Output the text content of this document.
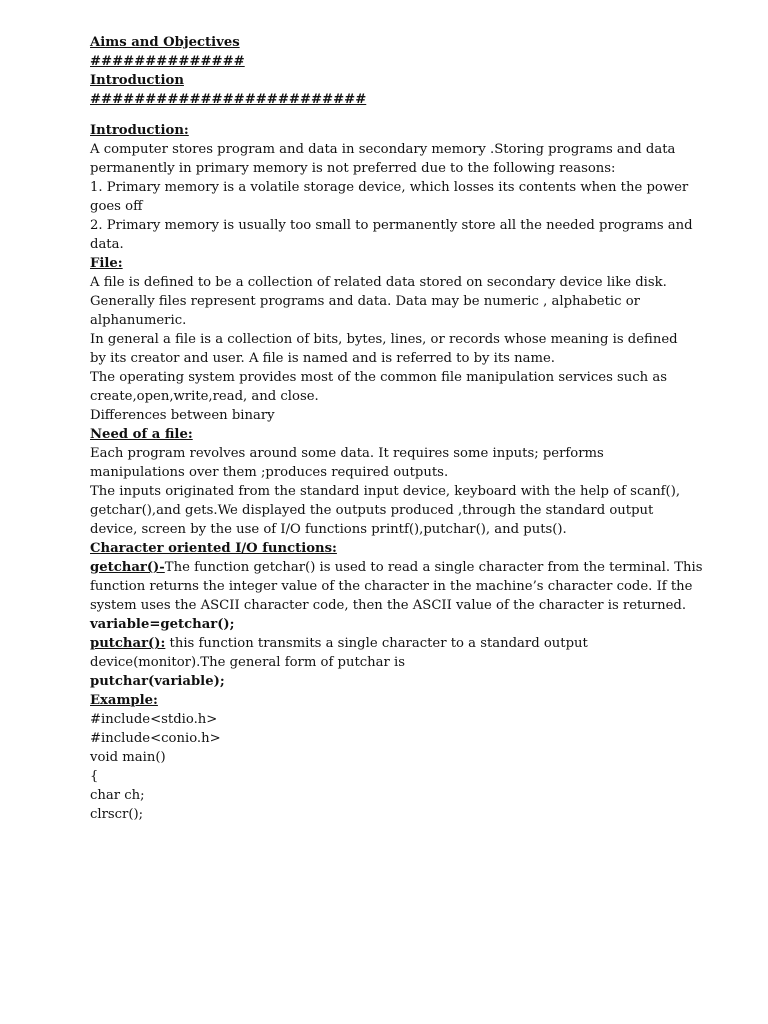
Aims and Objectives
##############
Introduction
#########################
Introduction:
A computer stores program and data in secondary memory .Storing programs and data
permanently in primary memory is not preferred due to the following reasons:
1. Primary memory is a volatile storage device, which losses its contents when the power
goes off
2. Primary memory is usually too small to permanently store all the needed programs and
data.
File:
A file is defined to be a collection of related data stored on secondary device like disk.
Generally files represent programs and data. Data may be numeric , alphabetic or
alphanumeric.
In general a file is a collection of bits, bytes, lines, or records whose meaning is defined
by its creator and user. A file is named and is referred to by its name.
The operating system provides most of the common file manipulation services such as
create,open,write,read, and close.
Differences between binary
Need of a file:
Each program revolves around some data. It requires some inputs; performs
manipulations over them ;produces required outputs.
The inputs originated from the standard input device, keyboard with the help of scanf(),
getchar(),and gets.We displayed the outputs produced ,through the standard output
device, screen by the use of I/O functions printf(),putchar(), and puts().
Character oriented I/O functions:
getchar()-The function getchar() is used to read a single character from the terminal. This
function returns the integer value of the character in the machine’s character code. If the
system uses the ASCII character code, then the ASCII value of the character is returned.
variable=getchar();
putchar(): this function transmits a single character to a standard output
device(monitor).The general form of putchar is
putchar(variable);
Example:
#include<stdio.h>
#include<conio.h>
void main()
{
char ch;
clrscr();
